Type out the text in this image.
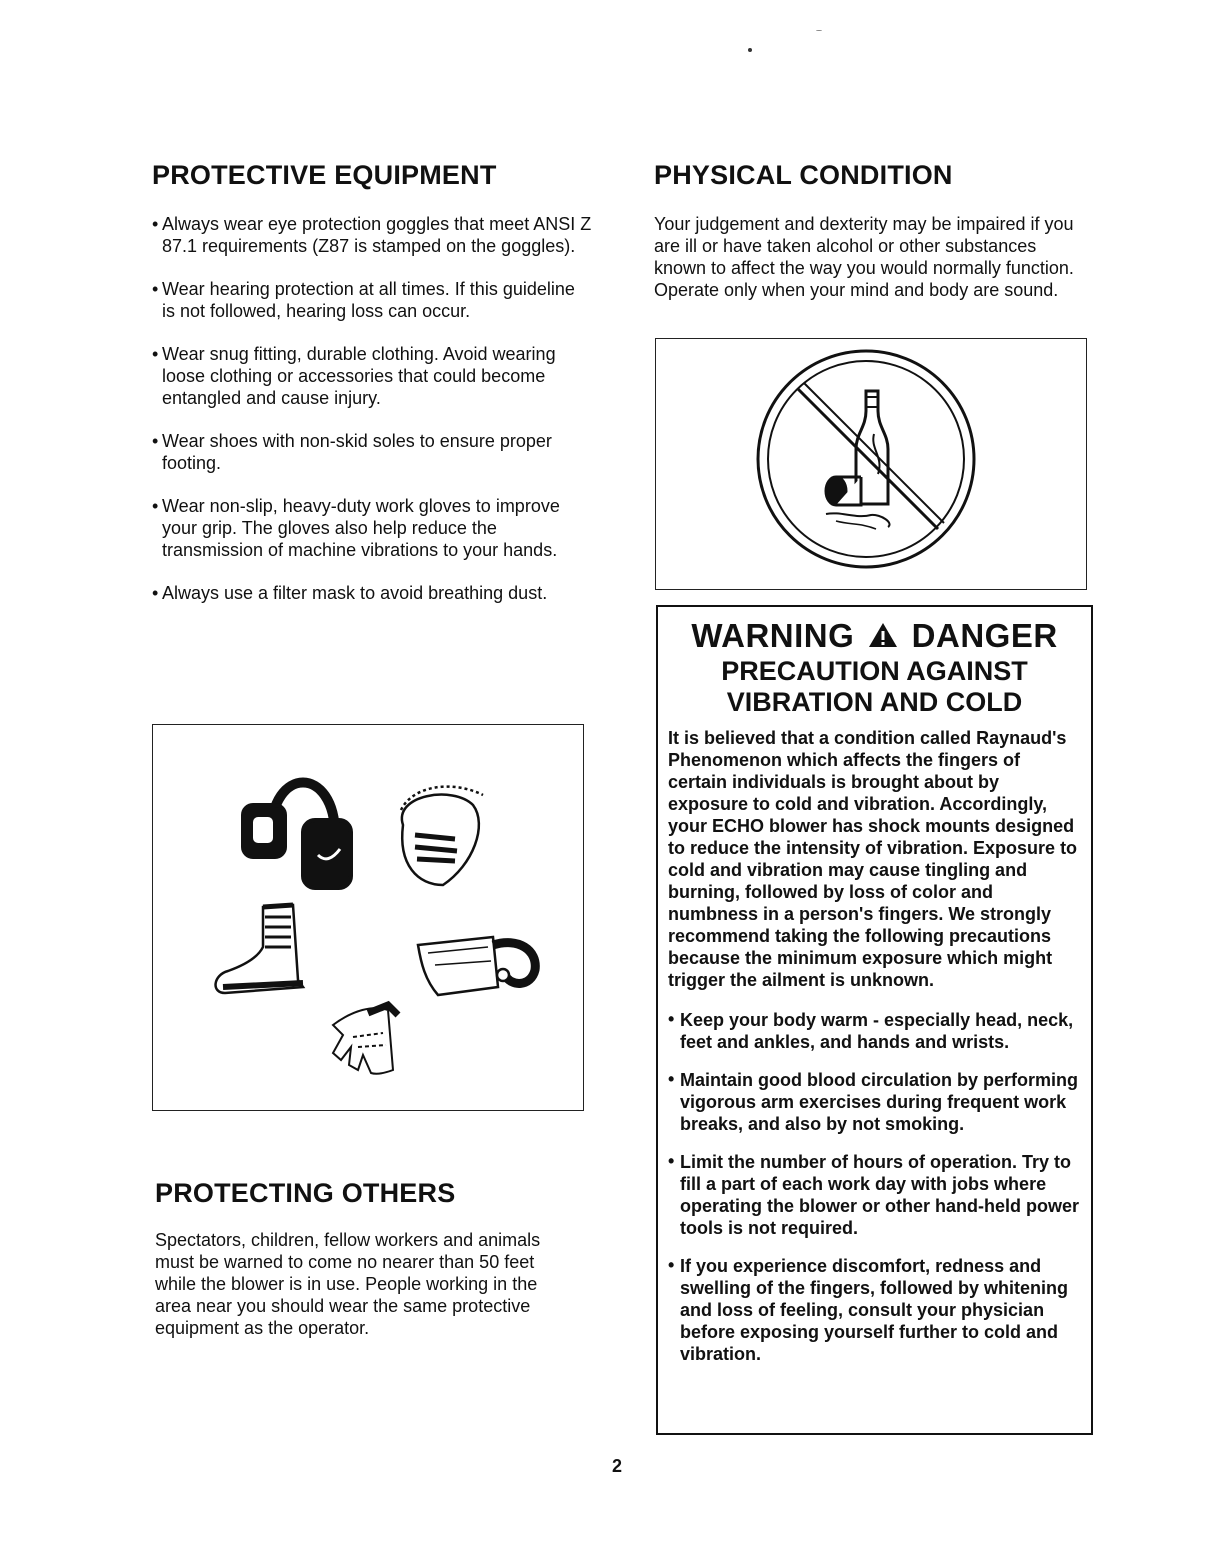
PROTECTIVE EQUIPMENT
• Always wear eye protection goggles that meet ANSI Z 87.1 requirements (Z87 is stamped on the goggles).
• Wear hearing protection at all times. If this guideline is not followed, hearing loss can occur.
• Wear snug fitting, durable clothing. Avoid wearing loose clothing or accessories that could become entangled and cause injury.
• Wear shoes with non-skid soles to ensure proper footing.
• Wear non-slip, heavy-duty work gloves to improve your grip. The gloves also help reduce the transmission of machine vibrations to your hands.
• Always use a filter mask to avoid breathing dust.
PROTECTING OTHERS

Spectators, children, fellow workers and animals must be warned to come no nearer than 50 feet while the blower is in use. People working in the area near you should wear the same protective equipment as the operator.

PHYSICAL CONDITION

Your judgement and dexterity may be impaired if you are ill or have taken alcohol or other substances known to affect the way you would normally function. Operate only when your mind and body are sound.

WARNING DANGER
PRECAUTION AGAINST
VIBRATION AND COLD

It is believed that a condition called Raynaud's Phenomenon which affects the fingers of certain individuals is brought about by exposure to cold and vibration. Accordingly, your ECHO blower has shock mounts designed to reduce the intensity of vibration. Exposure to cold and vibration may cause tingling and burning, followed by loss of color and numbness in a person's fingers. We strongly recommend taking the following precautions because the minimum exposure which might trigger the ailment is unknown.

• Keep your body warm - especially head, neck, feet and ankles, and hands and wrists.
• Maintain good blood circulation by performing vigorous arm exercises during frequent work breaks, and also by not smoking.
• Limit the number of hours of operation. Try to fill a part of each work day with jobs where operating the blower or other hand-held power tools is not required.
• If you experience discomfort, redness and swelling of the fingers, followed by whitening and loss of feeling, consult your physician before exposing yourself further to cold and vibration.
2
